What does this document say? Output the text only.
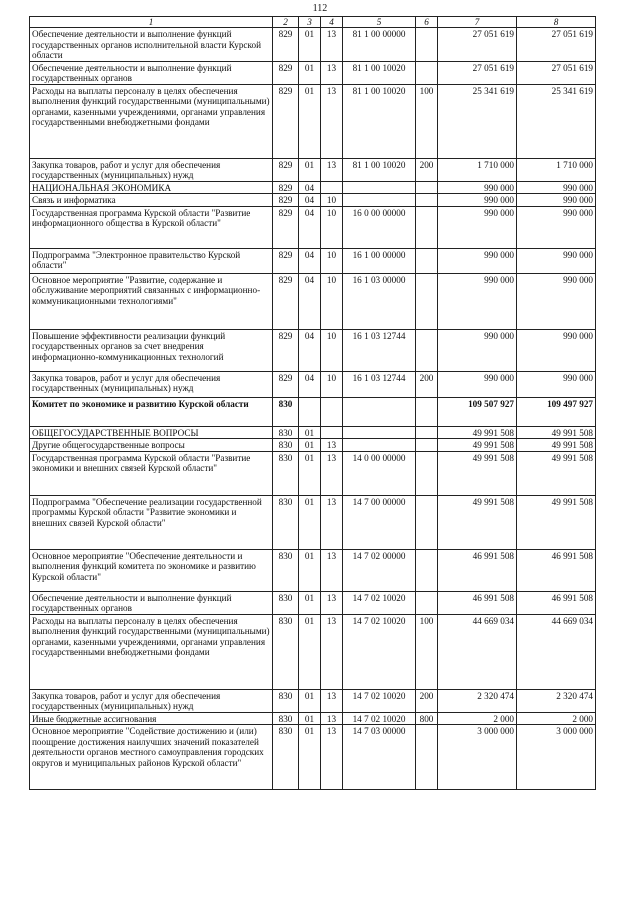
112
1	2	3	4	5	6	7	8
Обеспечение деятельности и выполнение функций государственных органов исполнительной власти Курской области	829	01	13	81 1 00 00000		27 051 619	27 051 619
Обеспечение деятельности и выполнение функций государственных органов	829	01	13	81 1 00 10020		27 051 619	27 051 619
Расходы на выплаты персоналу в целях обеспечения выполнения функций государственными (муниципальными) органами, казенными учреждениями, органами управления государственными внебюджетными фондами	829	01	13	81 1 00 10020	100	25 341 619	25 341 619
Закупка товаров, работ и услуг для обеспечения государственных (муниципальных) нужд	829	01	13	81 1 00 10020	200	1 710 000	1 710 000
НАЦИОНАЛЬНАЯ ЭКОНОМИКА	829	04				990 000	990 000
Связь и информатика	829	04	10			990 000	990 000
Государственная программа Курской области "Развитие информационного общества в Курской области"	829	04	10	16 0 00 00000		990 000	990 000
Подпрограмма "Электронное правительство Курской области"	829	04	10	16 1 00 00000		990 000	990 000
Основное мероприятие "Развитие, содержание и обслуживание мероприятий связанных с информационно-коммуникационными технологиями"	829	04	10	16 1 03 00000		990 000	990 000
Повышение эффективности реализации функций государственных органов за счет внедрения информационно-коммуникационных технологий	829	04	10	16 1 03 12744		990 000	990 000
Закупка товаров, работ и услуг для обеспечения государственных (муниципальных) нужд	829	04	10	16 1 03 12744	200	990 000	990 000
Комитет по экономике и развитию Курской области	830					109 507 927	109 497 927
ОБЩЕГОСУДАРСТВЕННЫЕ ВОПРОСЫ	830	01				49 991 508	49 991 508
Другие общегосударственные вопросы	830	01	13			49 991 508	49 991 508
Государственная программа Курской области "Развитие экономики и внешних связей Курской области"	830	01	13	14 0 00 00000		49 991 508	49 991 508
Подпрограмма "Обеспечение реализации государственной программы Курской области "Развитие экономики и внешних связей Курской области"	830	01	13	14 7 00 00000		49 991 508	49 991 508
Основное мероприятие "Обеспечение деятельности и выполнения функций комитета по экономике и развитию Курской области"	830	01	13	14 7 02 00000		46 991 508	46 991 508
Обеспечение деятельности и выполнение функций государственных органов	830	01	13	14 7 02 10020		46 991 508	46 991 508
Расходы на выплаты персоналу в целях обеспечения выполнения функций государственными (муниципальными) органами, казенными учреждениями, органами управления государственными внебюджетными фондами	830	01	13	14 7 02 10020	100	44 669 034	44 669 034
Закупка товаров, работ и услуг для обеспечения государственных (муниципальных) нужд	830	01	13	14 7 02 10020	200	2 320 474	2 320 474
Иные бюджетные ассигнования	830	01	13	14 7 02 10020	800	2 000	2 000
Основное мероприятие "Содействие достижению и (или) поощрение достижения наилучших значений показателей деятельности органов местного самоуправления городских округов и муниципальных районов Курской области"	830	01	13	14 7 03 00000		3 000 000	3 000 000
